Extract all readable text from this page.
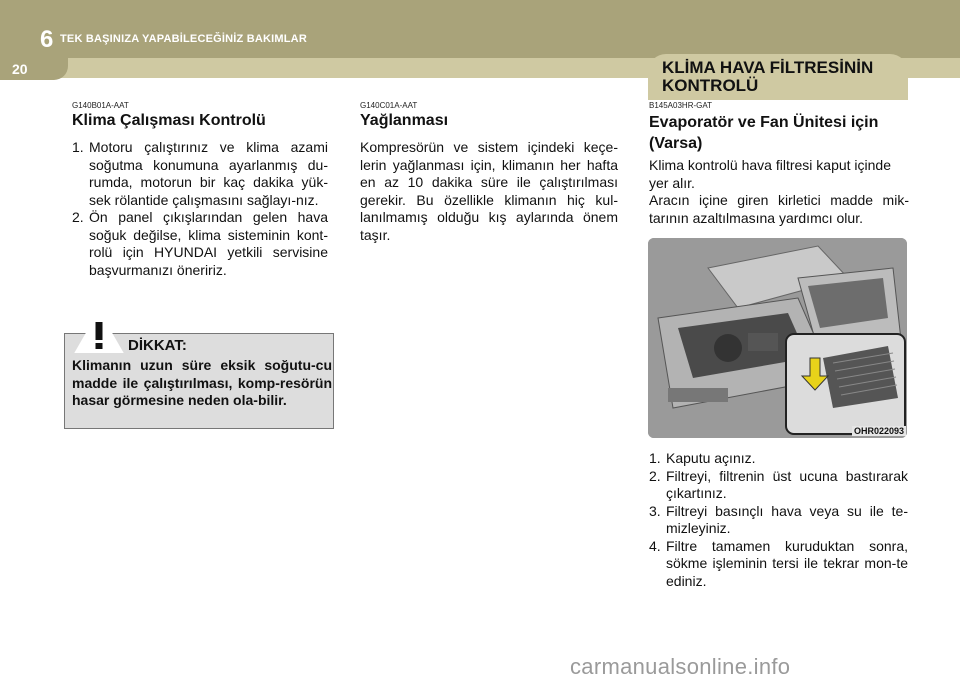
20
6 TEK BAŞINIZA YAPABİLECEĞİNİZ BAKIMLAR
KLİMA HAVA FİLTRESİNİN KONTROLÜ
G140B01A-AAT
Klima Çalışması Kontrolü
1. Motoru çalıştırınız ve klima azami soğutma konumuna ayarlanmış du-rumda, motorun bir kaç dakika yük-sek rölantide çalışmasını sağlayı-nız.
2. Ön panel çıkışlarından gelen hava soğuk değilse, klima sisteminin kont-rolü için HYUNDAI yetkili servisine başvurmanızı öneririz.
DİKKAT:

Klimanın uzun süre eksik soğutu-cu madde ile çalıştırılması, komp-resörün hasar görmesine neden ola-bilir.

G140C01A-AAT
Yağlanması

Kompresörün ve sistem içindeki keçe-lerin yağlanması için, klimanın her hafta en az 10 dakika süre ile çalıştırılması gerekir. Bu özellikle klimanın hiç kul-lanılmamış olduğu kış aylarında önem taşır.

B145A03HR-GAT
Evaporatör ve Fan Ünitesi için (Varsa)

Klima kontrolü hava filtresi kaput içinde yer alır.

Aracın içine giren kirletici madde mik-tarının azaltılmasına yardımcı olur.

OHR022093
1. Kaputu açınız.
2. Filtreyi, filtrenin üst ucuna bastırarak çıkartınız.
3. Filtreyi basınçlı hava veya su ile te-mizleyiniz.
4. Filtre tamamen kuruduktan sonra, sökme işleminin tersi ile tekrar mon-te ediniz.
carmanualsonline.info
